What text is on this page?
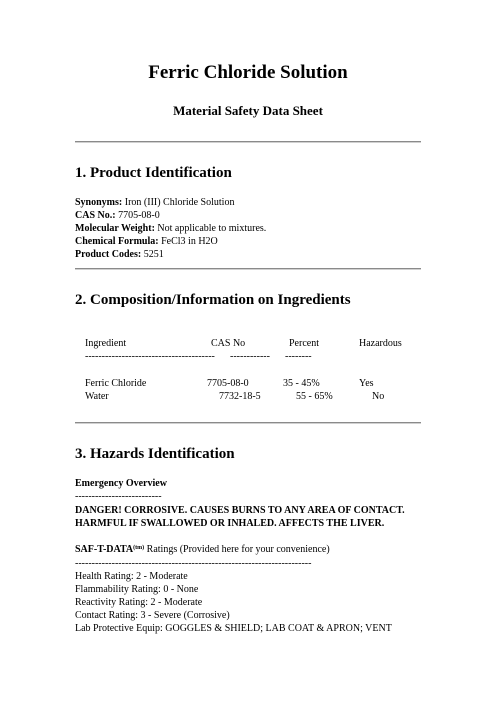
Ferric Chloride Solution
Material Safety Data Sheet
1. Product Identification
Synonyms: Iron (III) Chloride Solution
CAS No.: 7705-08-0
Molecular Weight: Not applicable to mixtures.
Chemical Formula: FeCl3 in H2O
Product Codes: 5251
2. Composition/Information on Ingredients
Ingredient	CAS No	Percent	Hazardous
--------------------------------------- ------------ --------
Ferric Chloride	7705-08-0	35 - 45%	Yes
Water	7732-18-5	55 - 65%	No
3. Hazards Identification
Emergency Overview
--------------------------
DANGER! CORROSIVE. CAUSES BURNS TO ANY AREA OF CONTACT.
HARMFUL IF SWALLOWED OR INHALED. AFFECTS THE LIVER.
SAF-$T-DATA^{(tm)}$ Ratings (Provided here for your convenience)
-----------------------------------------------------------------------
Health Rating: 2 - Moderate
Flammability Rating: 0 - None
Reactivity Rating: 2 - Moderate
Contact Rating: 3 - Severe (Corrosive)
Lab Protective Equip: GOGGLES & SHIELD; LAB COAT & APRON; VENT
